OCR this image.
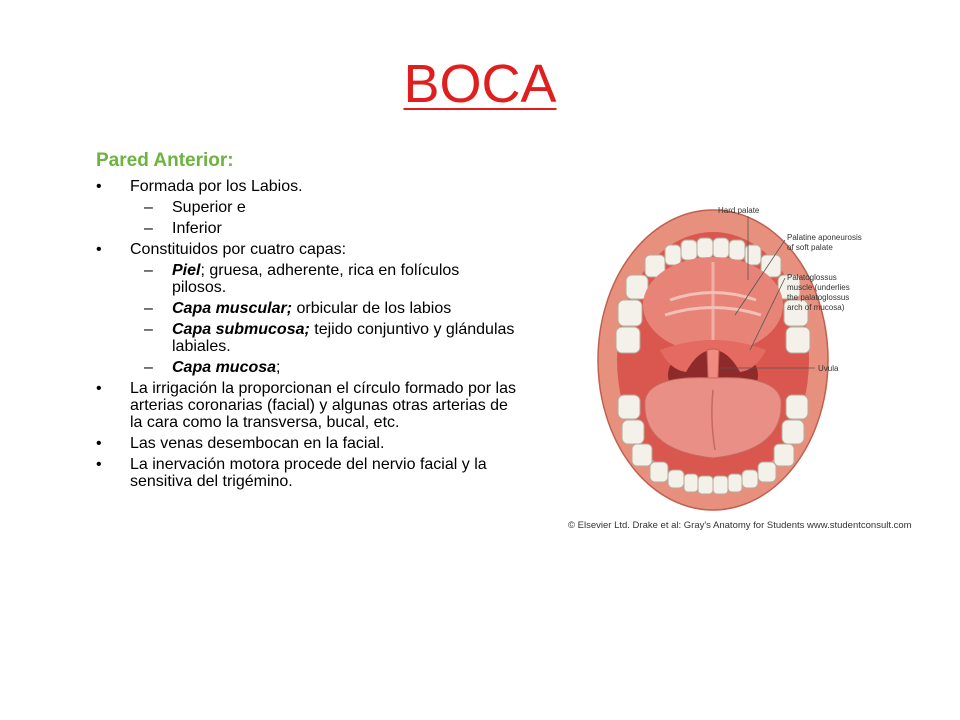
BOCA
Pared Anterior:
• Formada por los Labios.
– Superior e
– Inferior
• Constituidos por cuatro capas:
– Piel; gruesa, adherente, rica en folículos pilosos.
– Capa muscular; orbicular de los labios
– Capa submucosa; tejido conjuntivo y glándulas labiales.
– Capa mucosa;
• La irrigación la proporcionan el círculo formado por las arterias coronarias (facial) y algunas otras arterias de la cara como la transversa, bucal, etc.
• Las venas desembocan en la facial.
• La inervación motora procede del nervio facial y la sensitiva del trigémino.
Hard palate
Palatine aponeurosis
of soft palate
Palatoglossus
muscle (underlies
the palatoglossus
arch of mucosa)
Uvula
© Elsevier Ltd. Drake et al: Gray's Anatomy for Students www.studentconsult.com
